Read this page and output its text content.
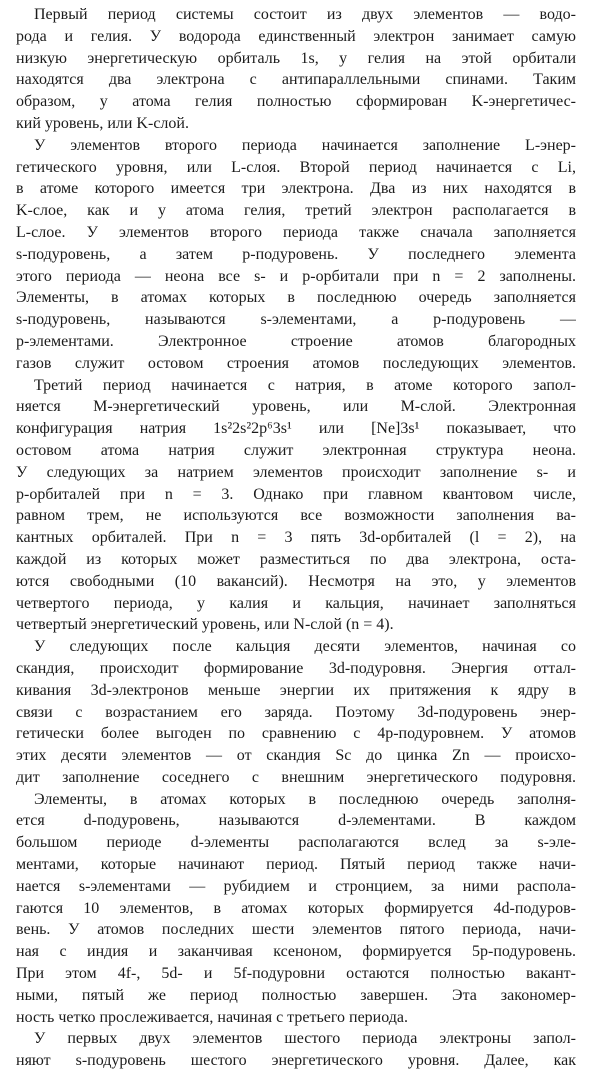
Первый период системы состоит из двух элементов — водо-
рода и гелия. У водорода единственный электрон занимает самую
низкую энергетическую орбиталь 1s, у гелия на этой орбитали
находятся два электрона с антипараллельными спинами. Таким
образом, у атома гелия полностью сформирован K-энергетичес-
кий уровень, или K-слой.
У элементов второго периода начинается заполнение L-энер-
гетического уровня, или L-слоя. Второй период начинается с Li,
в атоме которого имеется три электрона. Два из них находятся в
K-слое, как и у атома гелия, третий электрон располагается в
L-слое. У элементов второго периода также сначала заполняется
s-подуровень, а затем p-подуровень. У последнего элемента
этого периода — неона все s- и p-орбитали при n = 2 заполнены.
Элементы, в атомах которых в последнюю очередь заполняется
s-подуровень, называются s-элементами, а p-подуровень —
p-элементами. Электронное строение атомов благородных
газов служит остовом строения атомов последующих элементов.
Третий период начинается с натрия, в атоме которого запол-
няется M-энергетический уровень, или M-слой. Электронная
конфигурация натрия 1s²2s²2p⁶3s¹ или [Ne]3s¹ показывает, что
остовом атома натрия служит электронная структура неона.
У следующих за натрием элементов происходит заполнение s- и
p-орбиталей при n = 3. Однако при главном квантовом числе,
равном трем, не используются все возможности заполнения ва-
кантных орбиталей. При n = 3 пять 3d-орбиталей (l = 2), на
каждой из которых может разместиться по два электрона, оста-
ются свободными (10 вакансий). Несмотря на это, у элементов
четвертого периода, у калия и кальция, начинает заполняться
четвертый энергетический уровень, или N-слой (n = 4).
У следующих после кальция десяти элементов, начиная со
скандия, происходит формирование 3d-подуровня. Энергия оттал-
кивания 3d-электронов меньше энергии их притяжения к ядру в
связи с возрастанием его заряда. Поэтому 3d-подуровень энер-
гетически более выгоден по сравнению с 4p-подуровнем. У атомов
этих десяти элементов — от скандия Sc до цинка Zn — происхо-
дит заполнение соседнего с внешним энергетического подуровня.
Элементы, в атомах которых в последнюю очередь заполня-
ется d-подуровень, называются d-элементами. В каждом
большом периоде d-элементы располагаются вслед за s-эле-
ментами, которые начинают период. Пятый период также начи-
нается s-элементами — рубидием и стронцием, за ними распола-
гаются 10 элементов, в атомах которых формируется 4d-подуров-
вень. У атомов последних шести элементов пятого периода, начи-
ная с индия и заканчивая ксеноном, формируется 5p-подуровень.
При этом 4f-, 5d- и 5f-подуровни остаются полностью вакант-
ными, пятый же период полностью завершен. Эта закономер-
ность четко прослеживается, начиная с третьего периода.
У первых двух элементов шестого периода электроны запол-
няют s-подуровень шестого энергетического уровня. Далее, как
